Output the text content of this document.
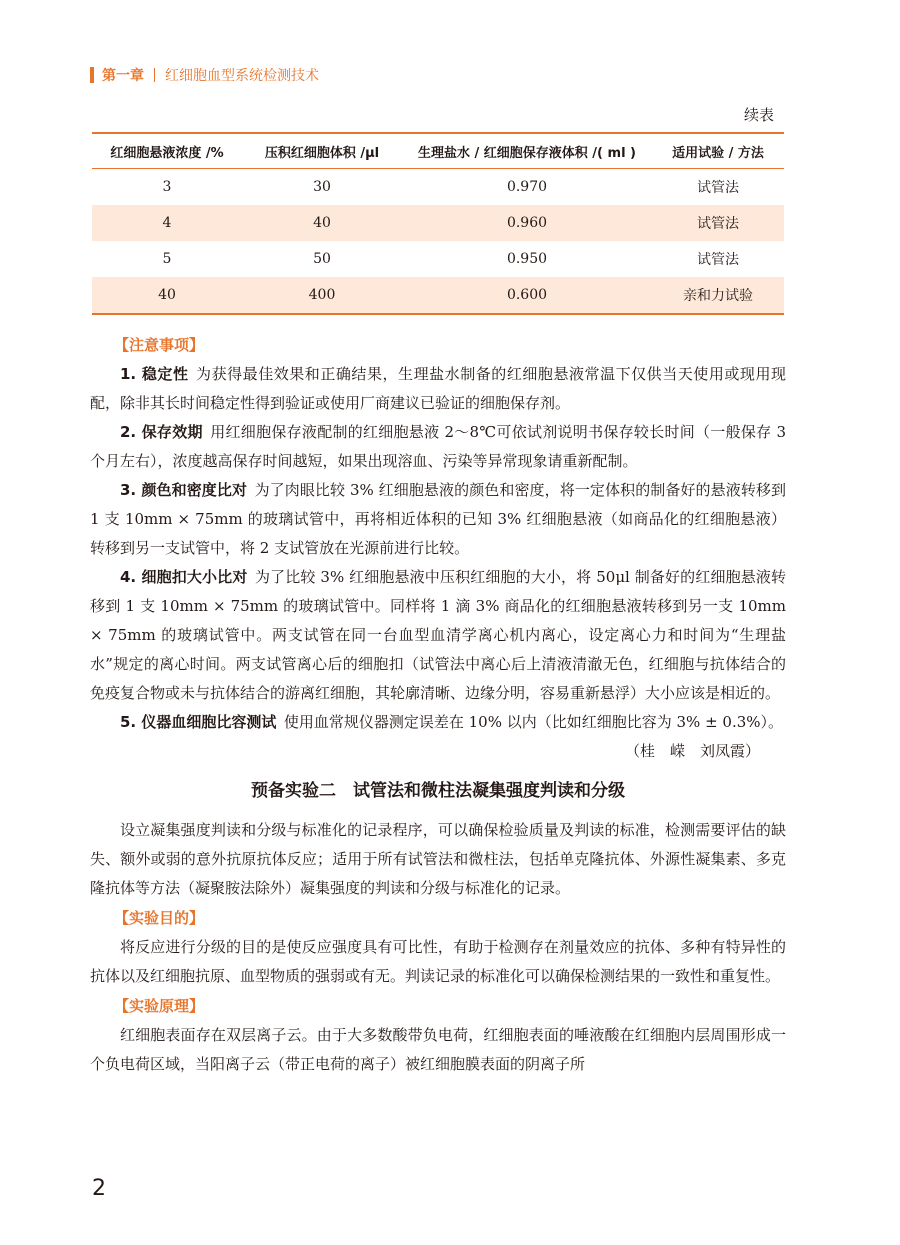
第一章 红细胞血型系统检测技术
续表
红细胞悬液浓度 /%	压积红细胞体积 /μl	生理盐水 / 红细胞保存液体积 /( ml )	适用试验 / 方法
3	30	0.970	试管法
4	40	0.960	试管法
5	50	0.950	试管法
40	400	0.600	亲和力试验

【注意事项】

1. 稳定性 为获得最佳效果和正确结果，生理盐水制备的红细胞悬液常温下仅供当天使用或现用现配，除非其长时间稳定性得到验证或使用厂商建议已验证的细胞保存剂。

2. 保存效期 用红细胞保存液配制的红细胞悬液 2～8℃可依试剂说明书保存较长时间（一般保存 3 个月左右），浓度越高保存时间越短，如果出现溶血、污染等异常现象请重新配制。

3. 颜色和密度比对 为了肉眼比较 3% 红细胞悬液的颜色和密度，将一定体积的制备好的悬液转移到 1 支 10mm × 75mm 的玻璃试管中，再将相近体积的已知 3% 红细胞悬液（如商品化的红细胞悬液）转移到另一支试管中，将 2 支试管放在光源前进行比较。

4. 细胞扣大小比对 为了比较 3% 红细胞悬液中压积红细胞的大小，将 50μl 制备好的红细胞悬液转移到 1 支 10mm × 75mm 的玻璃试管中。同样将 1 滴 3% 商品化的红细胞悬液转移到另一支 10mm × 75mm 的玻璃试管中。两支试管在同一台血型血清学离心机内离心，设定离心力和时间为“生理盐水”规定的离心时间。两支试管离心后的细胞扣（试管法中离心后上清液清澈无色，红细胞与抗体结合的免疫复合物或未与抗体结合的游离红细胞，其轮廓清晰、边缘分明，容易重新悬浮）大小应该是相近的。

5. 仪器血细胞比容测试 使用血常规仪器测定误差在 10% 以内（比如红细胞比容为 3% ± 0.3%）。

（桂　嵘　刘凤霞）

预备实验二　试管法和微柱法凝集强度判读和分级

设立凝集强度判读和分级与标准化的记录程序，可以确保检验质量及判读的标准，检测需要评估的缺失、额外或弱的意外抗原抗体反应；适用于所有试管法和微柱法，包括单克隆抗体、外源性凝集素、多克隆抗体等方法（凝聚胺法除外）凝集强度的判读和分级与标准化的记录。

【实验目的】

将反应进行分级的目的是使反应强度具有可比性，有助于检测存在剂量效应的抗体、多种有特异性的抗体以及红细胞抗原、血型物质的强弱或有无。判读记录的标准化可以确保检测结果的一致性和重复性。

【实验原理】

红细胞表面存在双层离子云。由于大多数酸带负电荷，红细胞表面的唾液酸在红细胞内层周围形成一个负电荷区域，当阳离子云（带正电荷的离子）被红细胞膜表面的阴离子所

2
